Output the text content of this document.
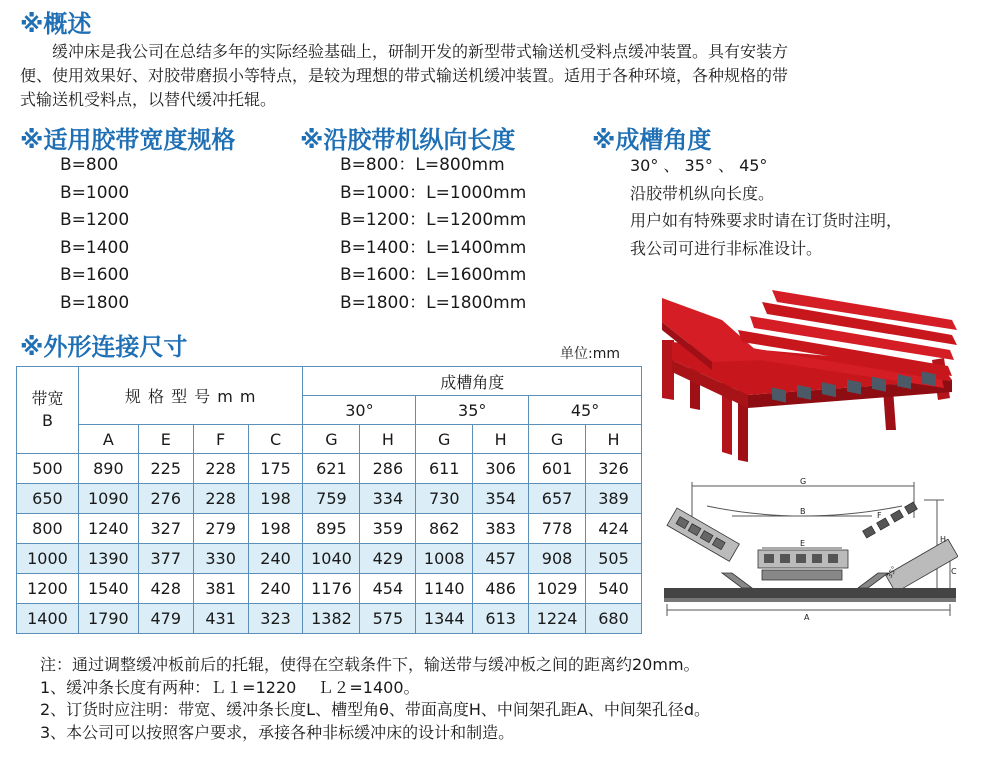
※概述
　　缓冲床是我公司在总结多年的实际经验基础上，研制开发的新型带式输送机受料点缓冲装置。具有安装方
便、使用效果好、对胶带磨损小等特点，是较为理想的带式输送机缓冲装置。适用于各种环境，各种规格的带
式输送机受料点，以替代缓冲托辊。
※适用胶带宽度规格
B=800
B=1000
B=1200
B=1400
B=1600
B=1800
※沿胶带机纵向长度
B=800：L=800mm
B=1000：L=1000mm
B=1200：L=1200mm
B=1400：L=1400mm
B=1600：L=1600mm
B=1800：L=1800mm
※成槽角度
30° 、 35° 、 45°
沿胶带机纵向长度。
用户如有特殊要求时请在订货时注明，
我公司可进行非标准设计。
※外形连接尺寸	单位:mm
带宽
B	规 格 型 号 m m				成槽角度					
					30°		35°		45°	
	A	E	F	C	G	H	G	H	G	H
500	890	225	228	175	621	286	611	306	601	326
650	1090	276	228	198	759	334	730	354	657	389
800	1240	327	279	198	895	359	862	383	778	424
1000	1390	377	330	240	1040	429	1008	457	908	505
1200	1540	428	381	240	1176	454	1140	486	1029	540
1400	1790	479	431	323	1382	575	1344	613	1224	680
G
B	F
E	H
C
A
35°
注：通过调整缓冲板前后的托辊，使得在空载条件下，输送带与缓冲板之间的距离约20mm。
1、缓冲条长度有两种：Ｌ１=1220　 Ｌ２=1400。
2、订货时应注明：带宽、缓冲条长度L、槽型角θ、带面高度H、中间架孔距A、中间架孔径d。
3、本公司可以按照客户要求，承接各种非标缓冲床的设计和制造。
